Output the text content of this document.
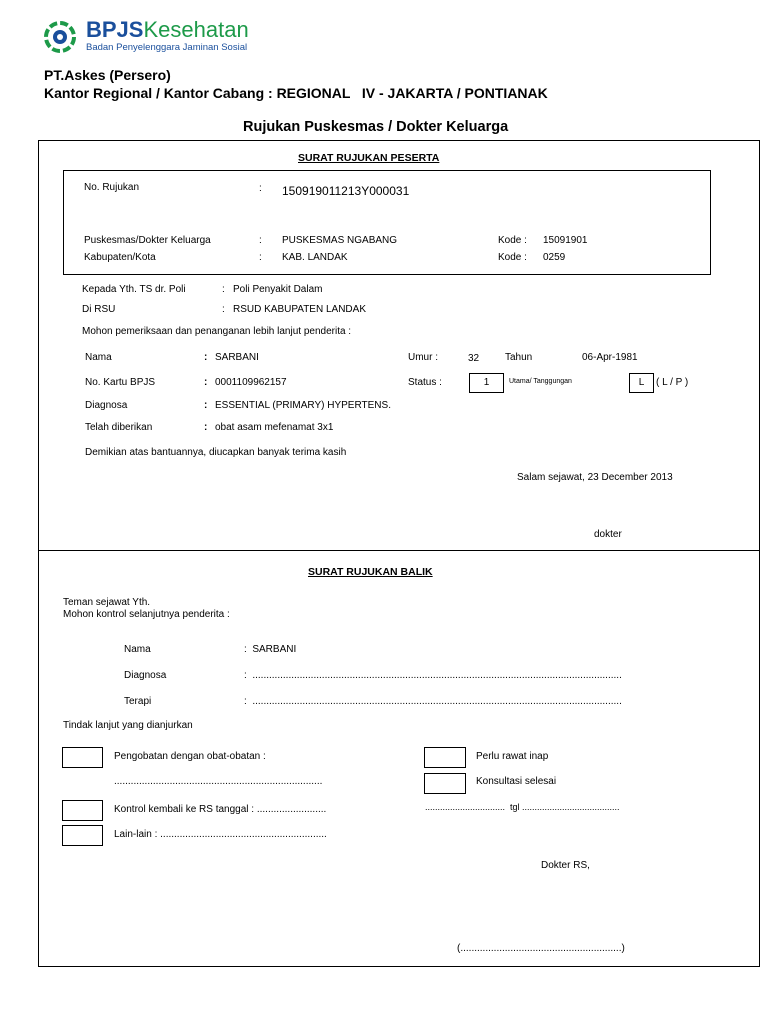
BPJSKesehatan
Badan Penyelenggara Jaminan Sosial
PT.Askes (Persero)
Kantor Regional / Kantor Cabang : REGIONAL   IV - JAKARTA / PONTIANAK
Rujukan Puskesmas / Dokter Keluarga
SURAT RUJUKAN PESERTA
No. Rujukan	: 150919011213Y000031
Puskesmas/Dokter Keluarga	: PUSKESMAS NGABANG	Kode : 15091901
Kabupaten/Kota	: KAB. LANDAK	Kode : 0259
Kepada Yth. TS dr. Poli	: Poli Penyakit Dalam
Di RSU	: RSUD KABUPATEN LANDAK
Mohon pemeriksaan dan penanganan lebih lanjut penderita :
Nama	: SARBANI	Umur :	32	Tahun	06-Apr-1981
No. Kartu BPJS	: 0001109962157	Status :	1	Utama/ Tanggungan	L	( L / P )
Diagnosa	: ESSENTIAL (PRIMARY) HYPERTENS.
Telah diberikan	: obat asam mefenamat 3x1
Demikian atas bantuannya, diucapkan banyak terima kasih
Salam sejawat, 23 December 2013
dokter
SURAT RUJUKAN BALIK
Teman sejawat Yth.
Mohon kontrol selanjutnya penderita :
Nama	:  SARBANI
Diagnosa	:  .....................................................................................................................................
Terapi	:  .....................................................................................................................................
Tindak lanjut yang dianjurkan
Pengobatan dengan obat-obatan :
...........................................................................
Kontrol kembali ke RS tanggal : .........................
Lain-lain : ............................................................
Perlu rawat inap
Konsultasi selesai
................................  tgl .......................................
Dokter RS,
(..........................................................)
